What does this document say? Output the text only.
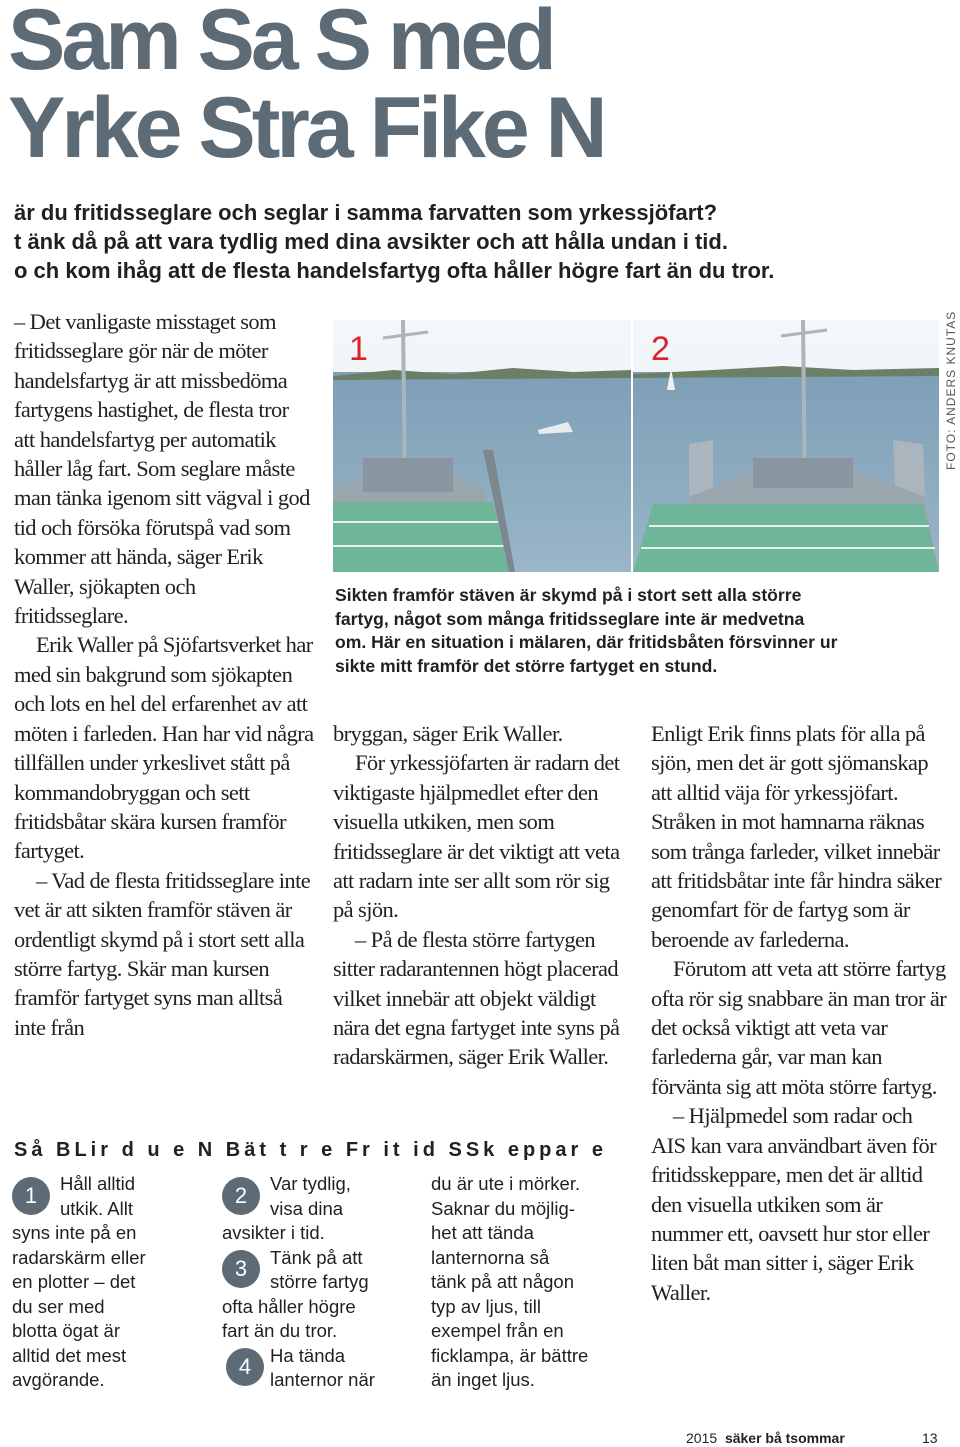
Sam Sa S med
Yrke Stra Fike N
är du fritidsseglare och seglar i samma farvatten som yrkessjöfart?
t änk då på att vara tydlig med dina avsikter och att hålla undan i tid.
o ch kom ihåg att de flesta handelsfartyg ofta håller högre fart än du tror.

– Det vanligaste misstaget som fritidsseglare gör när de möter handelsfartyg är att missbedöma fartygens hastighet, de flesta tror att handelsfartyg per automatik håller låg fart. Som seglare måste man tänka igenom sitt vägval i god tid och försöka förutspå vad som kommer att hända, säger Erik Waller, sjökapten och fritidsseglare.

Erik Waller på Sjöfartsverket har med sin bakgrund som sjökapten och lots en hel del erfarenhet av att möten i farleden. Han har vid några tillfällen under yrkeslivet stått på kommandobryggan och sett fritidsbåtar skära kursen framför fartyget.

– Vad de flesta fritidsseglare inte vet är att sikten framför stäven är ordentligt skymd på i stort sett alla större fartyg. Skär man kursen framför fartyget syns man alltså inte från

1	2	FOTO: ANDERS KNUTAS
Sikten framför stäven är skymd på i stort sett alla större
fartyg, något som många fritidsseglare inte är medvetna
om. Här en situation i mälaren, där fritidsbåten försvinner ur
sikte mitt framför det större fartyget en stund.

bryggan, säger Erik Waller.

För yrkessjöfarten är radarn det viktigaste hjälpmedlet efter den visuella utkiken, men som fritidsseglare är det viktigt att veta att radarn inte ser allt som rör sig på sjön.

– På de flesta större fartygen sitter radarantennen högt placerad vilket innebär att objekt väldigt nära det egna fartyget inte syns på radarskärmen, säger Erik Waller.

Enligt Erik finns plats för alla på sjön, men det är gott sjömanskap att alltid väja för yrkessjöfart. Stråken in mot hamnarna räknas som trånga farleder, vilket innebär att fritidsbåtar inte får hindra säker genomfart för de fartyg som är beroende av farlederna.

Förutom att veta att större fartyg ofta rör sig snabbare än man tror är det också viktigt att veta var farlederna går, var man kan förvänta sig att möta större fartyg.

– Hjälpmedel som radar och AIS kan vara användbart även för fritidsskeppare, men det är alltid den visuella utkiken som är nummer ett, oavsett hur stor eller liten båt man sitter i, säger Erik Waller.

Så BLir d u e N Bät t r e Fr it id SSk eppar e
Håll alltid
utkik. Allt
syns inte på en
radarskärm eller
en plotter – det
du ser med
blotta ögat är
alltid det mest
avgörande.
1	Var tydlig,
visa dina
avsikter i tid.
Tänk på att
större fartyg
ofta håller högre
fart än du tror.
Ha tända
lanternor när
2
3
4
du är ute i mörker.
Saknar du möjlig-
het att tända
lanternorna så
tänk på att någon
typ av ljus, till
exempel från en
ficklampa, är bättre
än inget ljus.
2015 säker bå tsommar	13
